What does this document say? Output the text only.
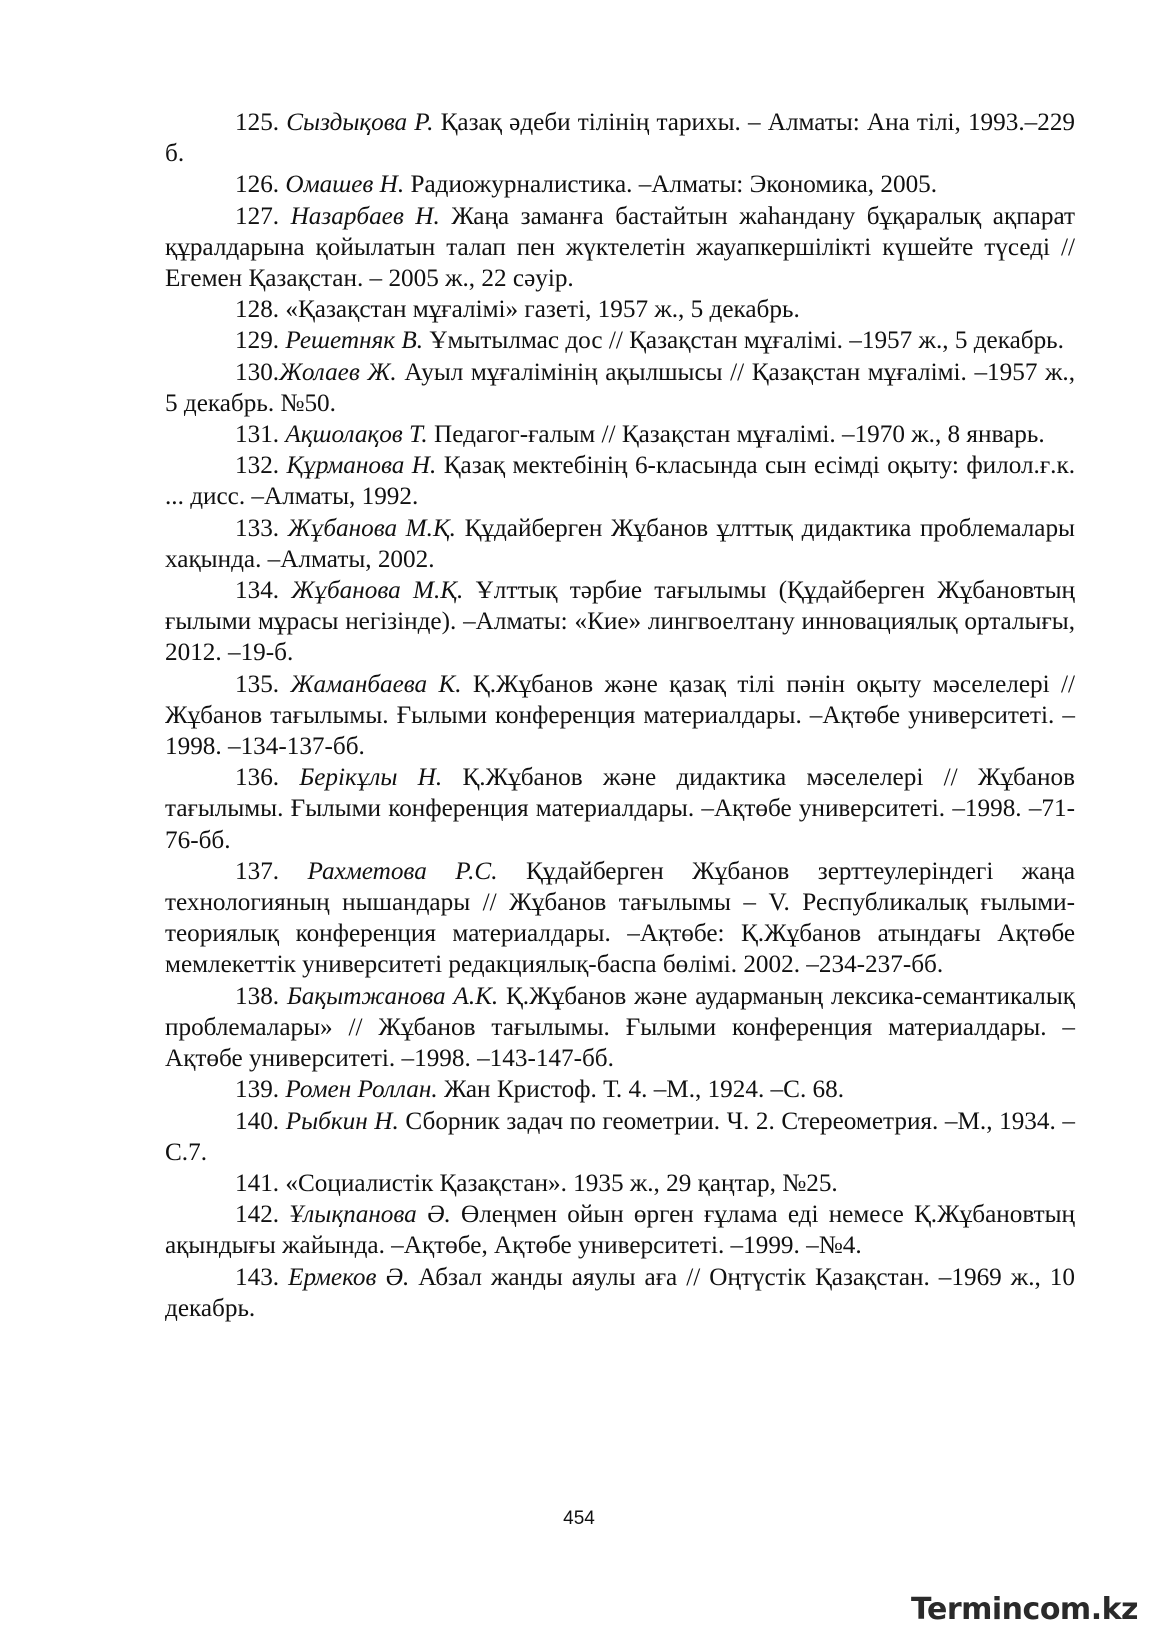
125. Сыздықова Р. Қазақ әдеби тілінің тарихы. – Алматы: Ана тілі, 1993.–229 б.

126. Омашев Н. Радиожурналистика. –Алматы: Экономика, 2005.

127. Назарбаев Н. Жаңа заманға бастайтын жаһандану бұқаралық ақпарат құралдарына қойылатын талап пен жүктелетін жауапкершілікті күшейте түседі // Егемен Қазақстан. – 2005 ж., 22 сәуір.

128. «Қазақстан мұғалімі» газеті, 1957 ж., 5 декабрь.

129. Решетняк В. Ұмытылмас дос // Қазақстан мұғалімі. –1957 ж., 5 декабрь.

130.Жолаев Ж. Ауыл мұғалімінің ақылшысы // Қазақстан мұғалімі. –1957 ж., 5 декабрь. №50.

131. Ақшолақов Т. Педагог-ғалым // Қазақстан мұғалімі. –1970 ж., 8 январь.

132. Құрманова Н. Қазақ мектебінің 6-класында сын есімді оқыту: филол.ғ.к. ... дисс. –Алматы, 1992.

133. Жұбанова М.Қ. Құдайберген Жұбанов ұлттық дидактика проблемалары хақында. –Алматы, 2002.

134. Жұбанова М.Қ. Ұлттық тәрбие тағылымы (Құдайберген Жұбановтың ғылыми мұрасы негізінде). –Алматы: «Кие» лингвоелтану инновациялық орталығы, 2012. –19-б.

135. Жаманбаева К. Қ.Жұбанов және қазақ тілі пәнін оқыту мәселелері // Жұбанов тағылымы. Ғылыми конференция материалдары. –Ақтөбе университеті. –1998. –134-137-бб.

136. Берікұлы Н. Қ.Жұбанов және дидактика мәселелері // Жұбанов тағылымы. Ғылыми конференция материалдары. –Ақтөбе университеті. –1998. –71-76-бб.

137. Рахметова Р.С. Құдайберген Жұбанов зерттеулеріндегі жаңа технологияның нышандары // Жұбанов тағылымы – V. Республикалық ғылыми-теориялық конференция материалдары. –Ақтөбе: Қ.Жұбанов атындағы Ақтөбе мемлекеттік университеті редакциялық-баспа бөлімі. 2002. –234-237-бб.

138. Бақытжанова А.К. Қ.Жұбанов және аударманың лексика-семантикалық проблемалары» // Жұбанов тағылымы. Ғылыми конференция материалдары. –Ақтөбе университеті. –1998. –143-147-бб.

139. Ромен Роллан. Жан Кристоф. Т. 4. –М., 1924. –С. 68.

140. Рыбкин Н. Сборник задач по геометрии. Ч. 2. Стереометрия. –М., 1934. –С.7.

141. «Социалистік Қазақстан». 1935 ж., 29 қаңтар, №25.

142. Ұлықпанова Ә. Өлеңмен ойын өрген ғұлама еді немесе Қ.Жұбановтың ақындығы жайында. –Ақтөбе, Ақтөбе университеті. –1999. –№4.

143. Ермеков Ә. Абзал жанды аяулы аға // Оңтүстік Қазақстан. –1969 ж., 10 декабрь.

454
Termincom.kz
